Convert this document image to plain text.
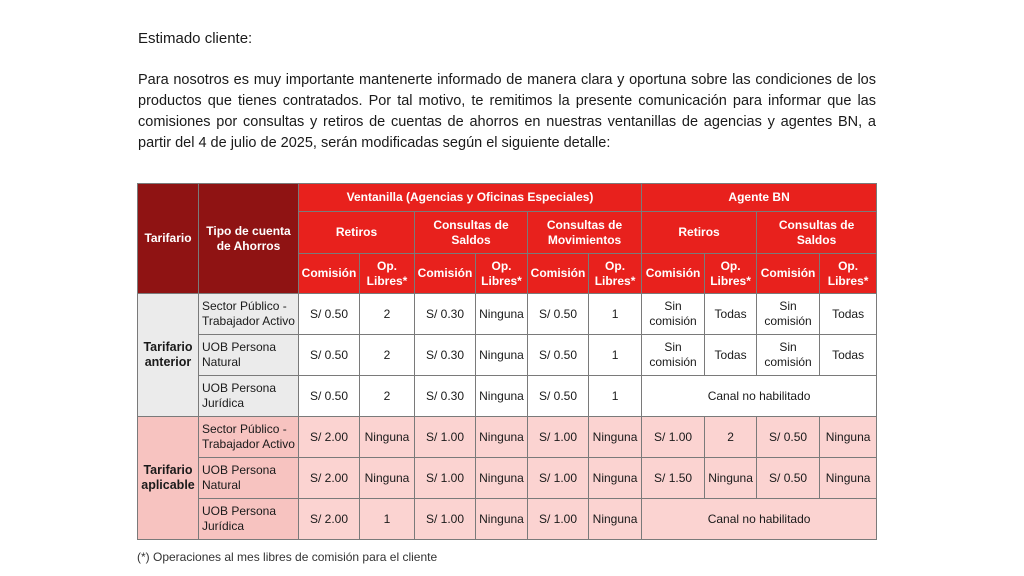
Estimado cliente:
Para nosotros es muy importante mantenerte informado de manera clara y oportuna sobre las condiciones de los productos que tienes contratados. Por tal motivo, te remitimos la presente comunicación para informar que las comisiones por consultas y retiros de cuentas de ahorros en nuestras ventanillas de agencias y agentes BN, a partir del 4 de julio de 2025, serán modificadas según el siguiente detalle:
Tarifario	Tipo de cuenta de Ahorros	Ventanilla (Agencias y Oficinas Especiales)						Agente BN			
		Retiros		Consultas de Saldos		Consultas de Movimientos		Retiros		Consultas de Saldos	
		Comisión	Op. Libres*	Comisión	Op. Libres*	Comisión	Op. Libres*	Comisión	Op. Libres*	Comisión	Op. Libres*
Tarifario anterior	Sector Público - Trabajador Activo	S/ 0.50	2	S/ 0.30	Ninguna	S/ 0.50	1	Sin comisión	Todas	Sin comisión	Todas
	UOB Persona Natural	S/ 0.50	2	S/ 0.30	Ninguna	S/ 0.50	1	Sin comisión	Todas	Sin comisión	Todas
	UOB Persona Jurídica	S/ 0.50	2	S/ 0.30	Ninguna	S/ 0.50	1	Canal no habilitado			
Tarifario aplicable	Sector Público - Trabajador Activo	S/ 2.00	Ninguna	S/ 1.00	Ninguna	S/ 1.00	Ninguna	S/ 1.00	2	S/ 0.50	Ninguna
	UOB Persona Natural	S/ 2.00	Ninguna	S/ 1.00	Ninguna	S/ 1.00	Ninguna	S/ 1.50	Ninguna	S/ 0.50	Ninguna
	UOB Persona Jurídica	S/ 2.00	1	S/ 1.00	Ninguna	S/ 1.00	Ninguna	Canal no habilitado			
(*) Operaciones al mes libres de comisión para el cliente
